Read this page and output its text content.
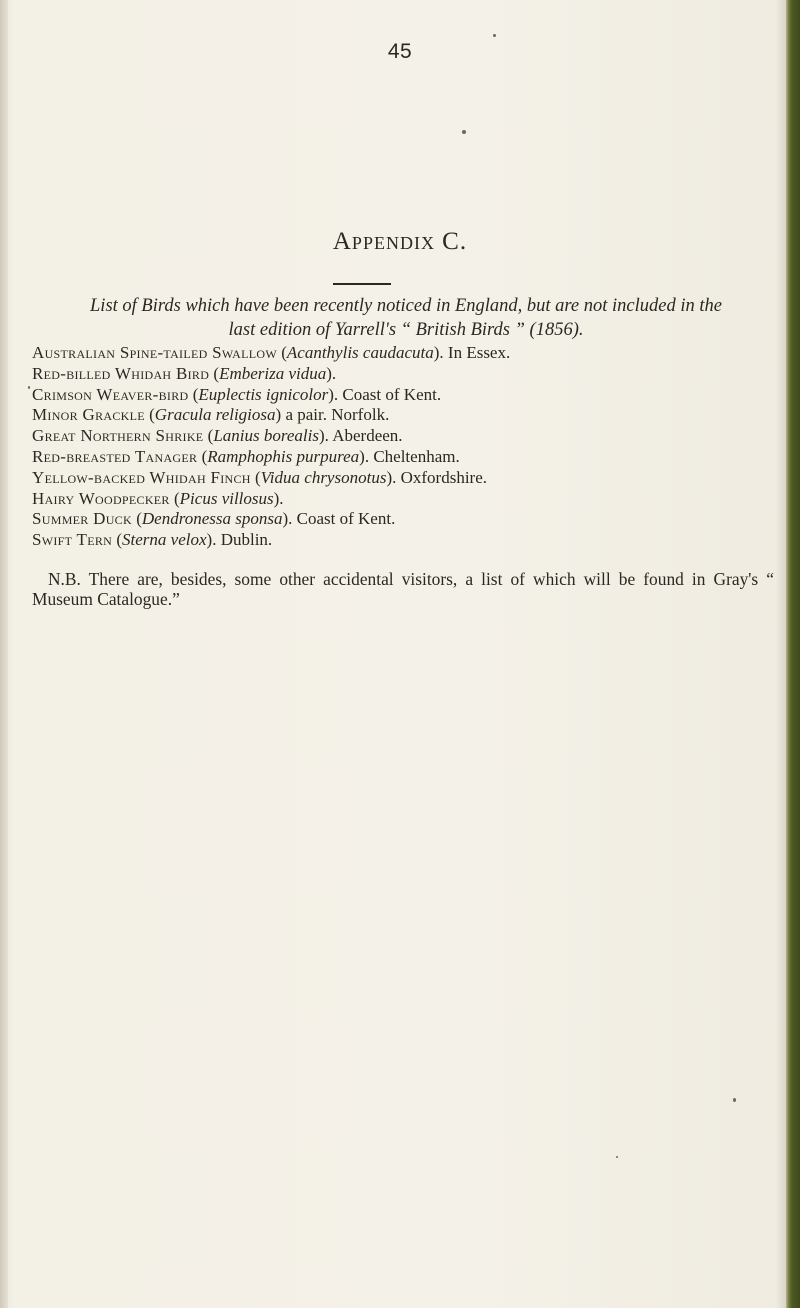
45
Appendix C.
List of Birds which have been recently noticed in England, but are not included in the
last edition of Yarrell's “ British Birds ” (1856).
Australian Spine-tailed Swallow (Acanthylis caudacuta). In Essex.
Red-billed Whidah Bird (Emberiza vidua).
Crimson Weaver-bird (Euplectis ignicolor). Coast of Kent.
Minor Grackle (Gracula religiosa) a pair. Norfolk.
Great Northern Shrike (Lanius borealis). Aberdeen.
Red-breasted Tanager (Ramphophis purpurea). Cheltenham.
Yellow-backed Whidah Finch (Vidua chrysonotus). Oxfordshire.
Hairy Woodpecker (Picus villosus).
Summer Duck (Dendronessa sponsa). Coast of Kent.
Swift Tern (Sterna velox). Dublin.
N.B. There are, besides, some other accidental visitors, a list of which will be found in Gray's “ Museum Catalogue.”
